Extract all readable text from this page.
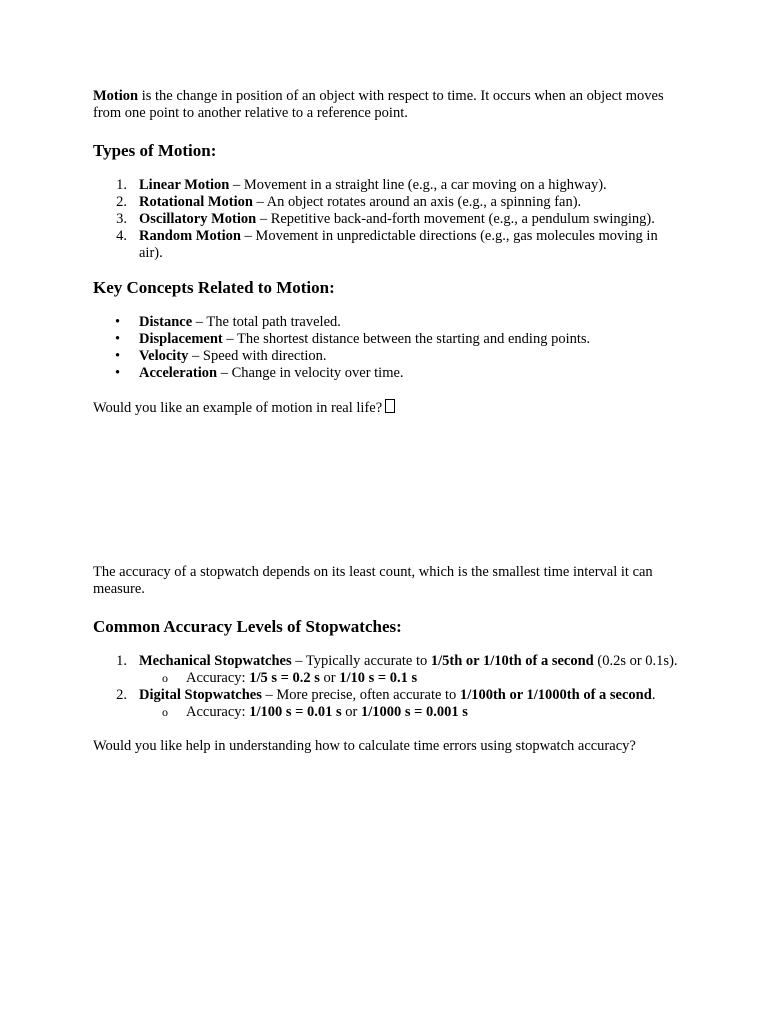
Motion is the change in position of an object with respect to time. It occurs when an object moves from one point to another relative to a reference point.

Types of Motion:
1. Linear Motion – Movement in a straight line (e.g., a car moving on a highway).
2. Rotational Motion – An object rotates around an axis (e.g., a spinning fan).
3. Oscillatory Motion – Repetitive back-and-forth movement (e.g., a pendulum swinging).
4. Random Motion – Movement in unpredictable directions (e.g., gas molecules moving in air).
Key Concepts Related to Motion:
• Distance – The total path traveled.
• Displacement – The shortest distance between the starting and ending points.
• Velocity – Speed with direction.
• Acceleration – Change in velocity over time.

Would you like an example of motion in real life?

The accuracy of a stopwatch depends on its least count, which is the smallest time interval it can measure.

Common Accuracy Levels of Stopwatches:
1. Mechanical Stopwatches – Typically accurate to 1/5th or 1/10th of a second (0.2s or 0.1s).
o Accuracy: 1/5 s = 0.2 s or 1/10 s = 0.1 s
2. Digital Stopwatches – More precise, often accurate to 1/100th or 1/1000th of a second.
o Accuracy: 1/100 s = 0.01 s or 1/1000 s = 0.001 s

Would you like help in understanding how to calculate time errors using stopwatch accuracy?
